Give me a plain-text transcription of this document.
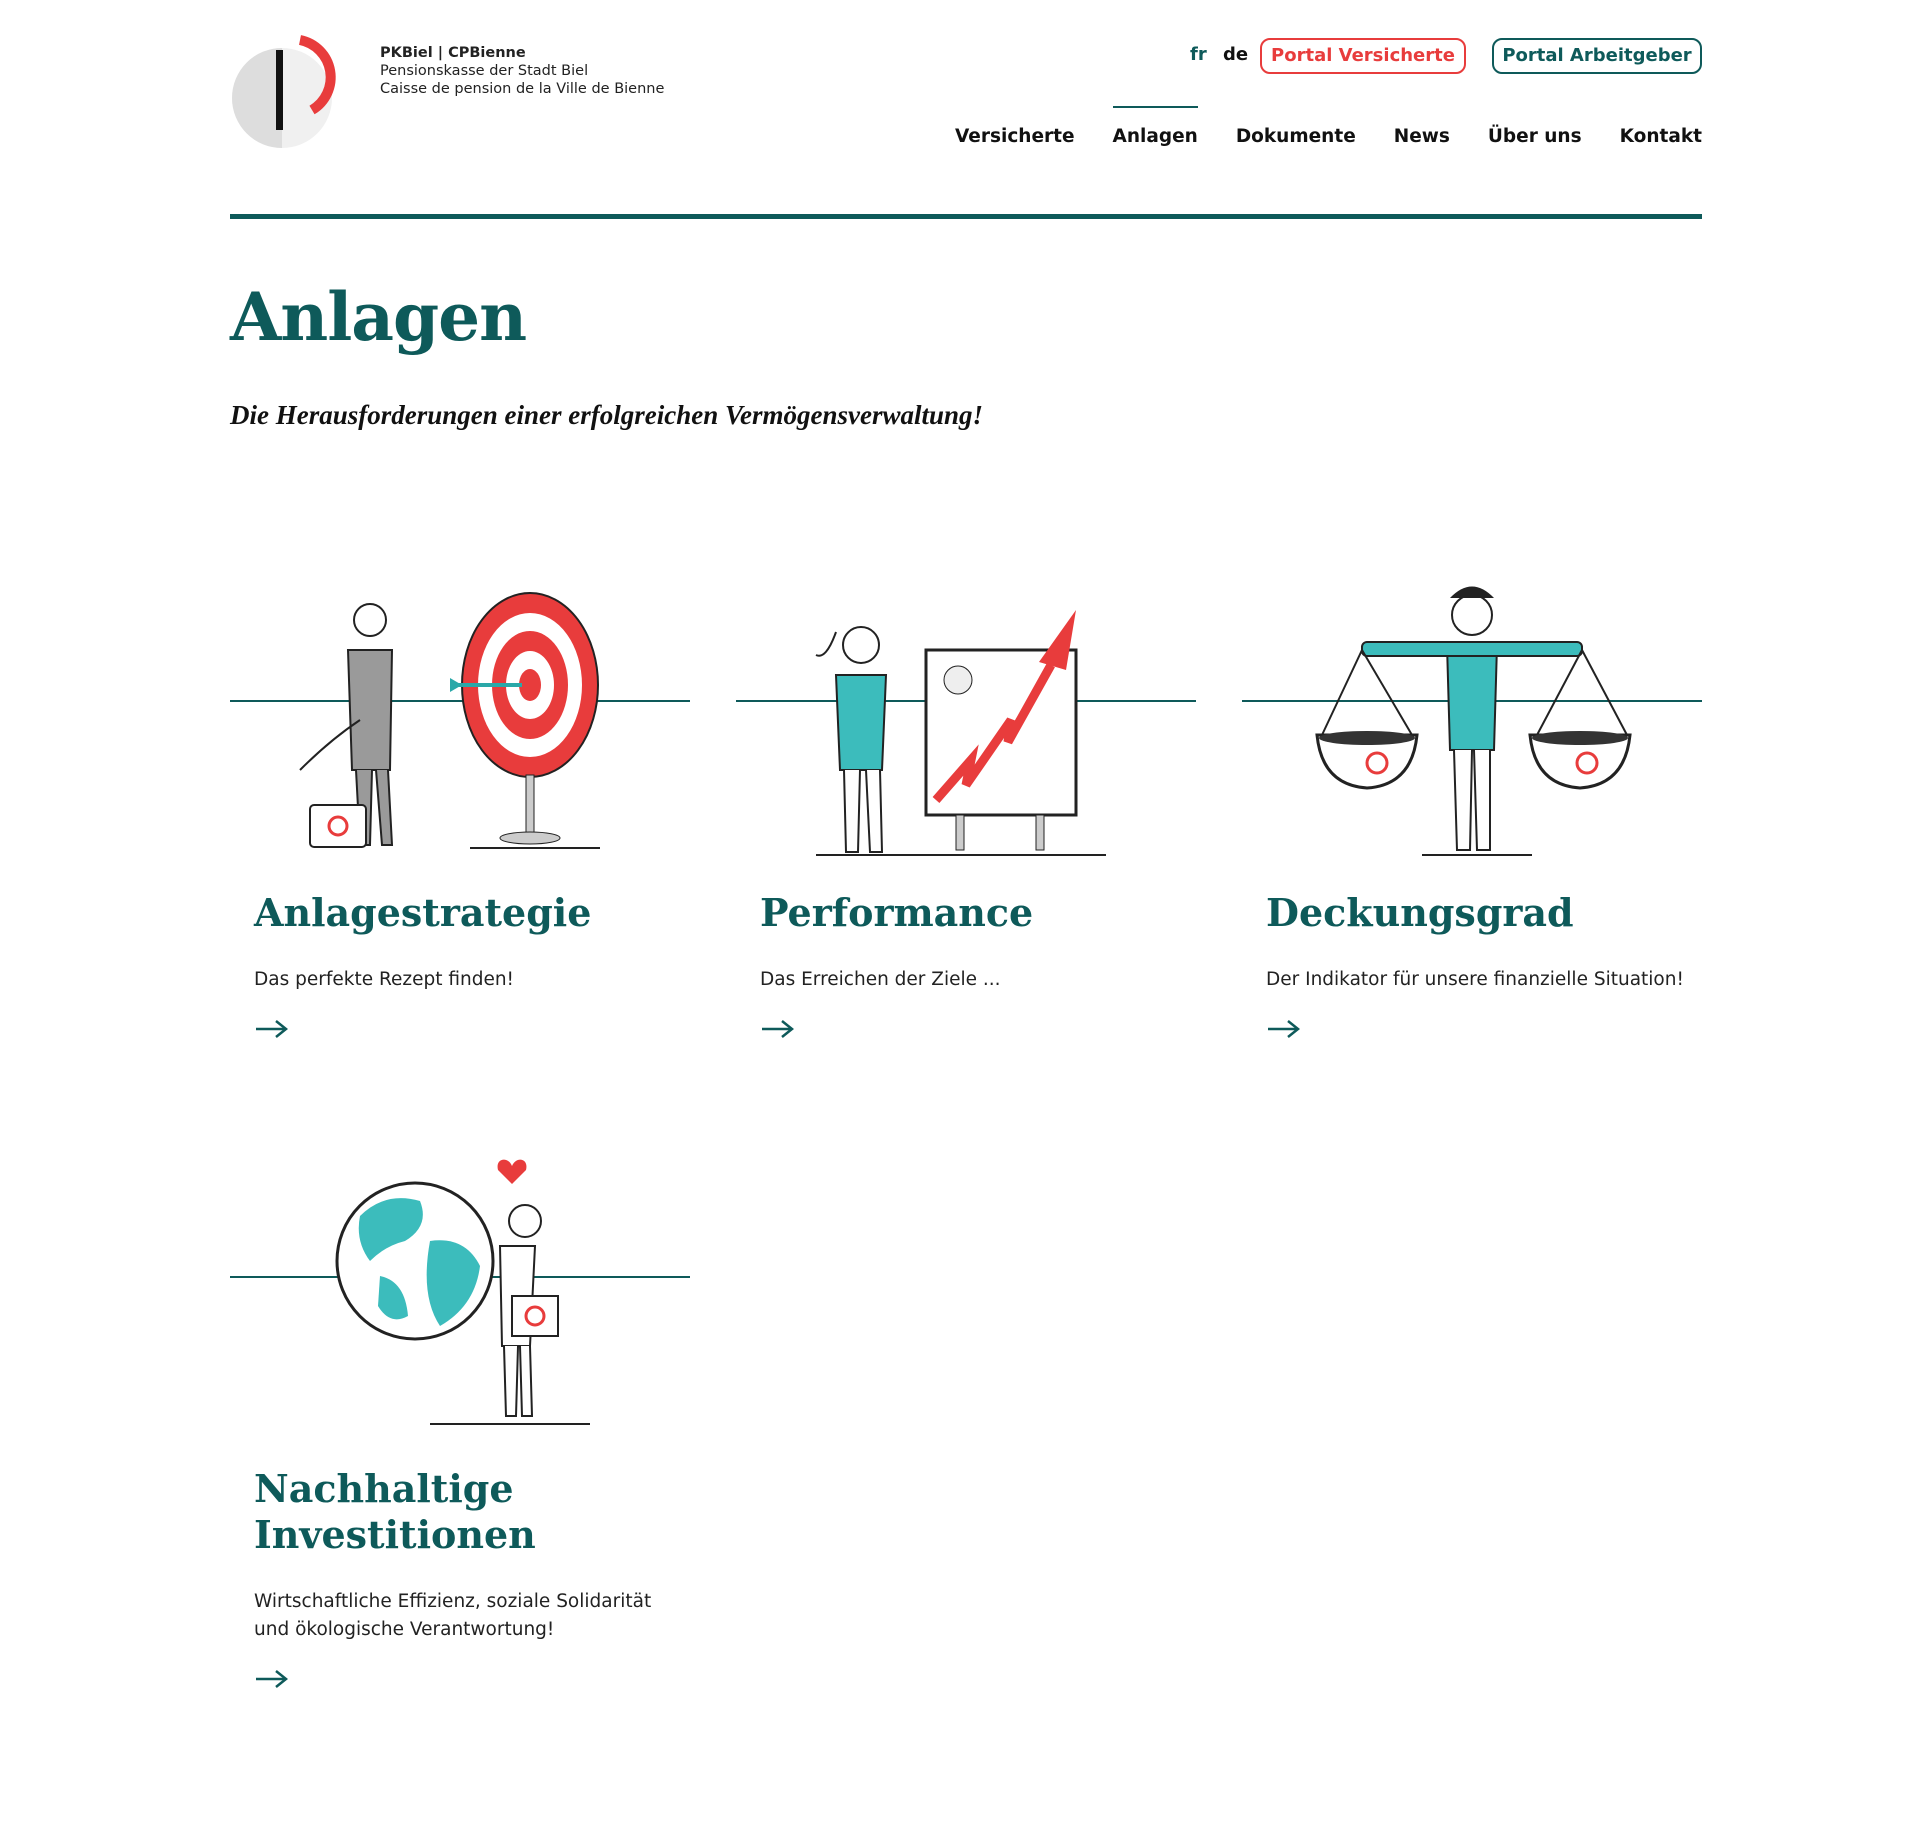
PKBiel | CPBienne
Pensionskasse der Stadt Biel
Caisse de pension de la Ville de Bienne
fr de	Portal Versicherte	Portal Arbeitgeber
Versicherte Anlagen Dokumente News Über uns Kontakt
Anlagen
Die Herausforderungen einer erfolgreichen Vermögensverwaltung!
Anlagestrategie

Das perfekte Rezept finden!

Performance

Das Erreichen der Ziele ...

Deckungsgrad

Der Indikator für unsere finanzielle Situation!

Nachhaltige Investitionen

Wirtschaftliche Effizienz, soziale Solidarität und ökologische Verantwortung!
